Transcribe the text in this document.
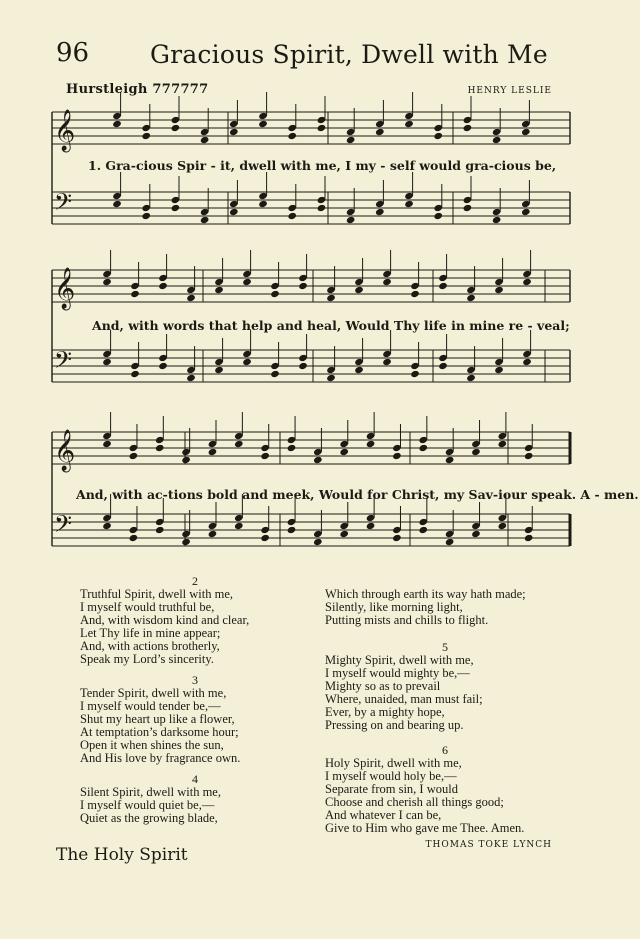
96 Gracious Spirit, Dwell with Me
Hurstleigh 777777	HENRY LESLIE
𝄞
𝄢
𝄞
𝄢
𝄞
𝄢
1. Gra-cious Spir - it, dwell with me, I my - self would gra-cious be,
And, with words that help and heal, Would Thy life in mine re - veal;
And, with ac-tions bold and meek, Would for Christ, my Sav-iour speak. A - men.
2
Truthful Spirit, dwell with me,
I myself would truthful be,
And, with wisdom kind and clear,
Let Thy life in mine appear;
And, with actions brotherly,
Speak my Lord’s sincerity.
3
Tender Spirit, dwell with me,
I myself would tender be,—
Shut my heart up like a flower,
At temptation’s darksome hour;
Open it when shines the sun,
And His love by fragrance own.
4
Silent Spirit, dwell with me,
I myself would quiet be,—
Quiet as the growing blade,
Which through earth its way hath made;
Silently, like morning light,
Putting mists and chills to flight.
5
Mighty Spirit, dwell with me,
I myself would mighty be,—
Mighty so as to prevail
Where, unaided, man must fail;
Ever, by a mighty hope,
Pressing on and bearing up.
6
Holy Spirit, dwell with me,
I myself would holy be,—
Separate from sin, I would
Choose and cherish all things good;
And whatever I can be,
Give to Him who gave me Thee. Amen.
The Holy Spirit	THOMAS TOKE LYNCH
